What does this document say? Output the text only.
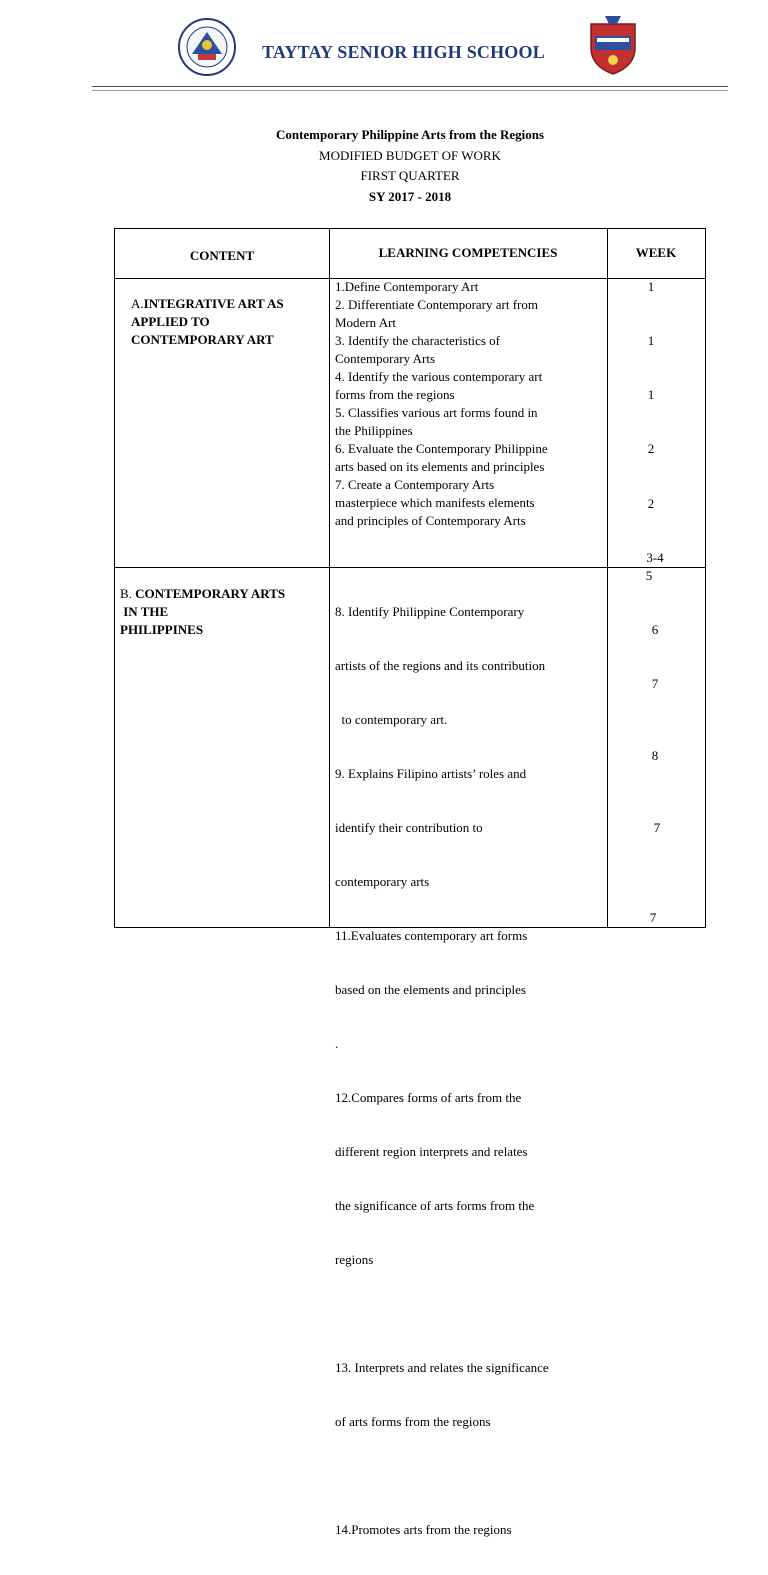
TAYTAY SENIOR HIGH SCHOOL
Contemporary Philippine Arts from the Regions
MODIFIED BUDGET OF WORK
FIRST QUARTER
SY 2017 - 2018
CONTENT	LEARNING COMPETENCIES	WEEK
A.INTEGRATIVE ART AS
APPLIED TO
CONTEMPORARY ART
1.Define Contemporary Art
2. Differentiate Contemporary art from
Modern Art
3. Identify the characteristics of
Contemporary Arts
4. Identify the various contemporary art
forms from the regions
5. Classifies various art forms found in
the Philippines
6. Evaluate the Contemporary Philippine
arts based on its elements and principles
7. Create a Contemporary Arts
masterpiece which manifests elements
and principles of Contemporary Arts
1
1
1
2
2
3-4
B. CONTEMPORARY ARTS
IN THE
PHILIPPINES

8. Identify Philippine Contemporary

artists of the regions and its contribution

to contemporary art.

9. Explains Filipino artists’ roles and

identify their contribution to

contemporary arts

11.Evaluates contemporary art forms

based on the elements and principles

.

12.Compares forms of arts from the

different region interprets and relates

the significance of arts forms from the

regions

13. Interprets and relates the significance

of arts forms from the regions

14.Promotes arts from the regions

5
6
7
8
7
7
